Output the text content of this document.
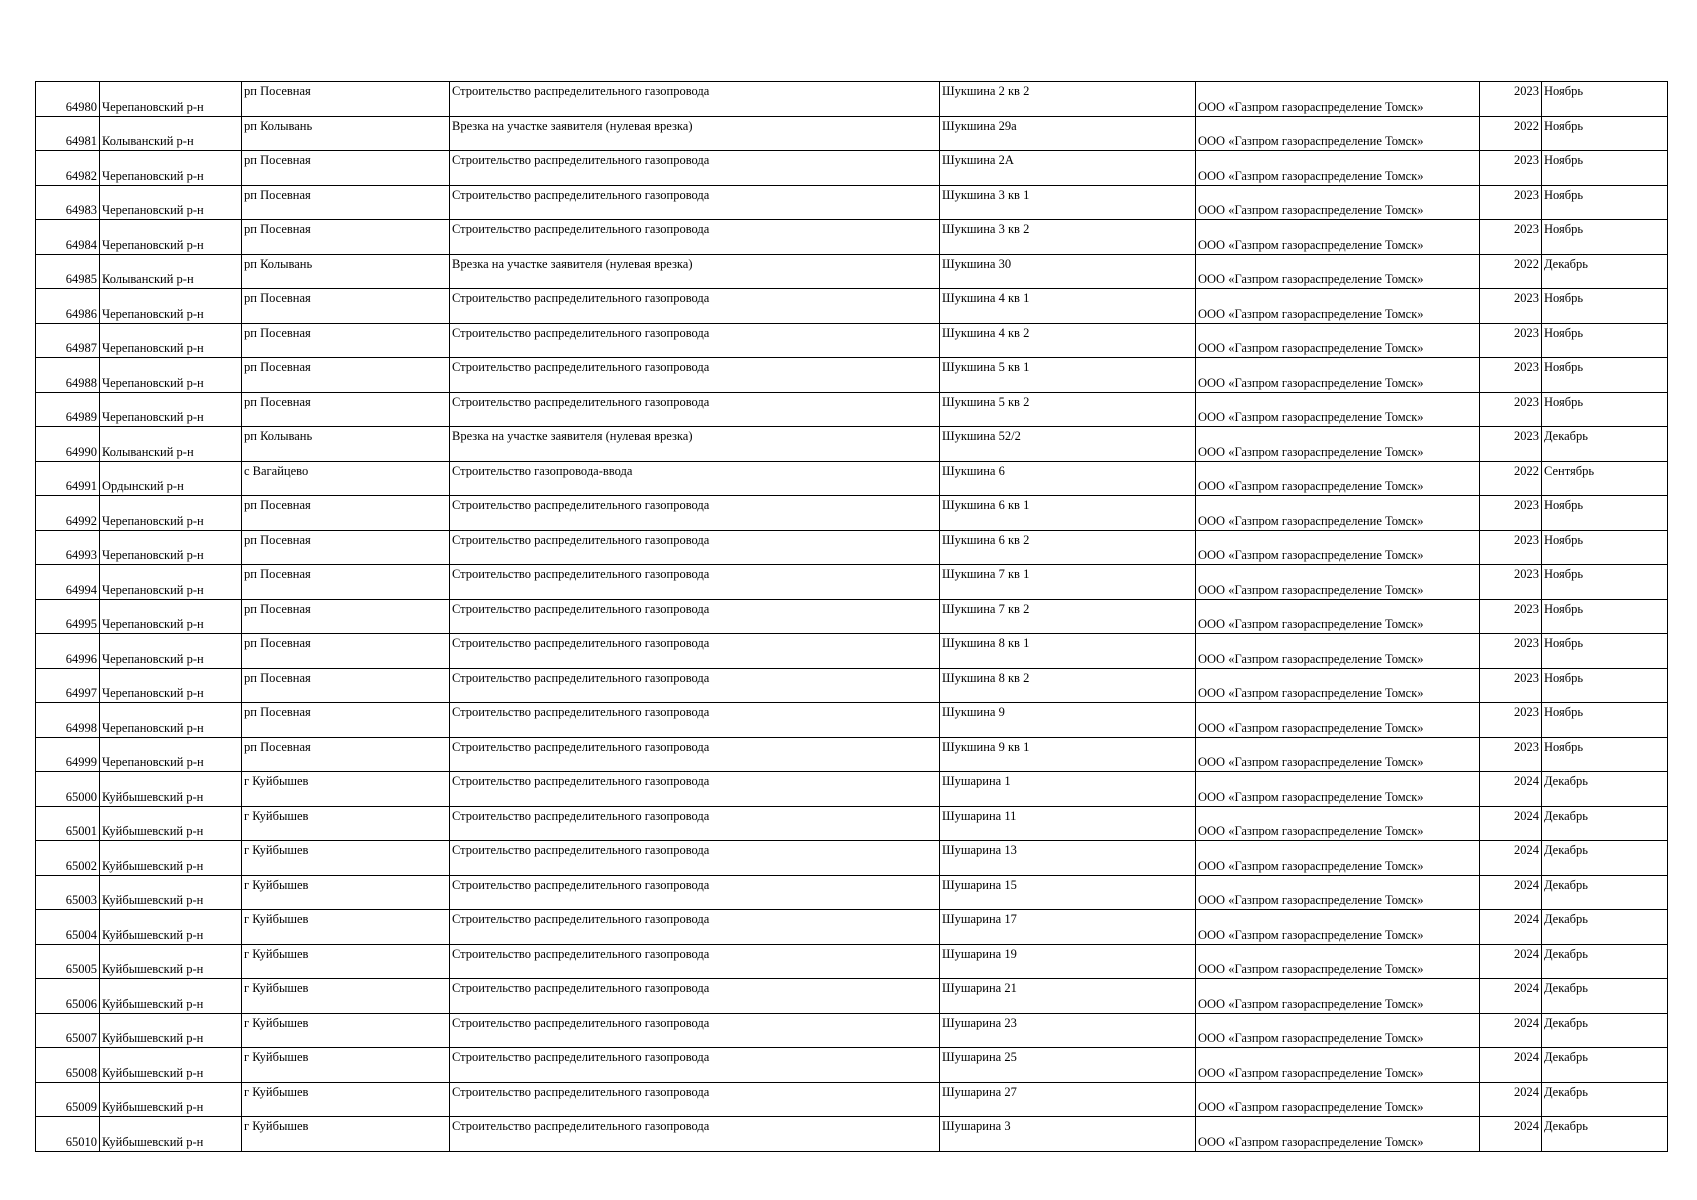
64980	Черепановский р-н	рп Посевная	Строительство распределительного газопровода	Шукшина 2 кв 2	ООО «Газпром газораспределение Томск»	2023	Ноябрь
64981	Колыванский р-н	рп Колывань	Врезка на участке заявителя (нулевая врезка)	Шукшина 29а	ООО «Газпром газораспределение Томск»	2022	Ноябрь
64982	Черепановский р-н	рп Посевная	Строительство распределительного газопровода	Шукшина 2А	ООО «Газпром газораспределение Томск»	2023	Ноябрь
64983	Черепановский р-н	рп Посевная	Строительство распределительного газопровода	Шукшина 3 кв 1	ООО «Газпром газораспределение Томск»	2023	Ноябрь
64984	Черепановский р-н	рп Посевная	Строительство распределительного газопровода	Шукшина 3 кв 2	ООО «Газпром газораспределение Томск»	2023	Ноябрь
64985	Колыванский р-н	рп Колывань	Врезка на участке заявителя (нулевая врезка)	Шукшина 30	ООО «Газпром газораспределение Томск»	2022	Декабрь
64986	Черепановский р-н	рп Посевная	Строительство распределительного газопровода	Шукшина 4 кв 1	ООО «Газпром газораспределение Томск»	2023	Ноябрь
64987	Черепановский р-н	рп Посевная	Строительство распределительного газопровода	Шукшина 4 кв 2	ООО «Газпром газораспределение Томск»	2023	Ноябрь
64988	Черепановский р-н	рп Посевная	Строительство распределительного газопровода	Шукшина 5 кв 1	ООО «Газпром газораспределение Томск»	2023	Ноябрь
64989	Черепановский р-н	рп Посевная	Строительство распределительного газопровода	Шукшина 5 кв 2	ООО «Газпром газораспределение Томск»	2023	Ноябрь
64990	Колыванский р-н	рп Колывань	Врезка на участке заявителя (нулевая врезка)	Шукшина 52/2	ООО «Газпром газораспределение Томск»	2023	Декабрь
64991	Ордынский р-н	с Вагайцево	Строительство газопровода-ввода	Шукшина 6	ООО «Газпром газораспределение Томск»	2022	Сентябрь
64992	Черепановский р-н	рп Посевная	Строительство распределительного газопровода	Шукшина 6 кв 1	ООО «Газпром газораспределение Томск»	2023	Ноябрь
64993	Черепановский р-н	рп Посевная	Строительство распределительного газопровода	Шукшина 6 кв 2	ООО «Газпром газораспределение Томск»	2023	Ноябрь
64994	Черепановский р-н	рп Посевная	Строительство распределительного газопровода	Шукшина 7 кв 1	ООО «Газпром газораспределение Томск»	2023	Ноябрь
64995	Черепановский р-н	рп Посевная	Строительство распределительного газопровода	Шукшина 7 кв 2	ООО «Газпром газораспределение Томск»	2023	Ноябрь
64996	Черепановский р-н	рп Посевная	Строительство распределительного газопровода	Шукшина 8 кв 1	ООО «Газпром газораспределение Томск»	2023	Ноябрь
64997	Черепановский р-н	рп Посевная	Строительство распределительного газопровода	Шукшина 8 кв 2	ООО «Газпром газораспределение Томск»	2023	Ноябрь
64998	Черепановский р-н	рп Посевная	Строительство распределительного газопровода	Шукшина 9	ООО «Газпром газораспределение Томск»	2023	Ноябрь
64999	Черепановский р-н	рп Посевная	Строительство распределительного газопровода	Шукшина 9 кв 1	ООО «Газпром газораспределение Томск»	2023	Ноябрь
65000	Куйбышевский р-н	г Куйбышев	Строительство распределительного газопровода	Шушарина 1	ООО «Газпром газораспределение Томск»	2024	Декабрь
65001	Куйбышевский р-н	г Куйбышев	Строительство распределительного газопровода	Шушарина 11	ООО «Газпром газораспределение Томск»	2024	Декабрь
65002	Куйбышевский р-н	г Куйбышев	Строительство распределительного газопровода	Шушарина 13	ООО «Газпром газораспределение Томск»	2024	Декабрь
65003	Куйбышевский р-н	г Куйбышев	Строительство распределительного газопровода	Шушарина 15	ООО «Газпром газораспределение Томск»	2024	Декабрь
65004	Куйбышевский р-н	г Куйбышев	Строительство распределительного газопровода	Шушарина 17	ООО «Газпром газораспределение Томск»	2024	Декабрь
65005	Куйбышевский р-н	г Куйбышев	Строительство распределительного газопровода	Шушарина 19	ООО «Газпром газораспределение Томск»	2024	Декабрь
65006	Куйбышевский р-н	г Куйбышев	Строительство распределительного газопровода	Шушарина 21	ООО «Газпром газораспределение Томск»	2024	Декабрь
65007	Куйбышевский р-н	г Куйбышев	Строительство распределительного газопровода	Шушарина 23	ООО «Газпром газораспределение Томск»	2024	Декабрь
65008	Куйбышевский р-н	г Куйбышев	Строительство распределительного газопровода	Шушарина 25	ООО «Газпром газораспределение Томск»	2024	Декабрь
65009	Куйбышевский р-н	г Куйбышев	Строительство распределительного газопровода	Шушарина 27	ООО «Газпром газораспределение Томск»	2024	Декабрь
65010	Куйбышевский р-н	г Куйбышев	Строительство распределительного газопровода	Шушарина 3	ООО «Газпром газораспределение Томск»	2024	Декабрь
